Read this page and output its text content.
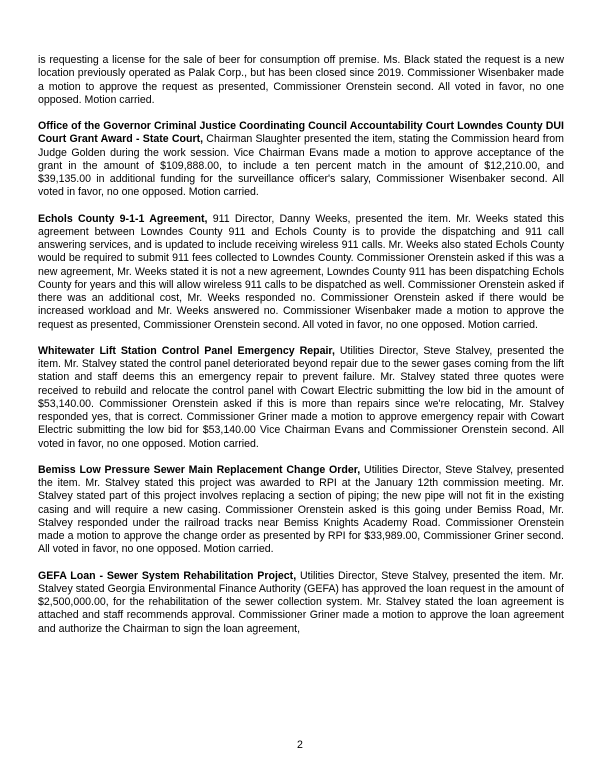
is requesting a license for the sale of beer for consumption off premise. Ms. Black stated the request is a new location previously operated as Palak Corp., but has been closed since 2019. Commissioner Wisenbaker made a motion to approve the request as presented, Commissioner Orenstein second. All voted in favor, no one opposed. Motion carried.

Office of the Governor Criminal Justice Coordinating Council Accountability Court Lowndes County DUI Court Grant Award - State Court, Chairman Slaughter presented the item, stating the Commission heard from Judge Golden during the work session. Vice Chairman Evans made a motion to approve acceptance of the grant in the amount of $109,888.00, to include a ten percent match in the amount of $12,210.00, and $39,135.00 in additional funding for the surveillance officer's salary, Commissioner Wisenbaker second. All voted in favor, no one opposed. Motion carried.

Echols County 9-1-1 Agreement, 911 Director, Danny Weeks, presented the item. Mr. Weeks stated this agreement between Lowndes County 911 and Echols County is to provide the dispatching and 911 call answering services, and is updated to include receiving wireless 911 calls. Mr. Weeks also stated Echols County would be required to submit 911 fees collected to Lowndes County. Commissioner Orenstein asked if this was a new agreement, Mr. Weeks stated it is not a new agreement, Lowndes County 911 has been dispatching Echols County for years and this will allow wireless 911 calls to be dispatched as well. Commissioner Orenstein asked if there was an additional cost, Mr. Weeks responded no. Commissioner Orenstein asked if there would be increased workload and Mr. Weeks answered no. Commissioner Wisenbaker made a motion to approve the request as presented, Commissioner Orenstein second. All voted in favor, no one opposed. Motion carried.

Whitewater Lift Station Control Panel Emergency Repair, Utilities Director, Steve Stalvey, presented the item. Mr. Stalvey stated the control panel deteriorated beyond repair due to the sewer gases coming from the lift station and staff deems this an emergency repair to prevent failure. Mr. Stalvey stated three quotes were received to rebuild and relocate the control panel with Cowart Electric submitting the low bid in the amount of $53,140.00. Commissioner Orenstein asked if this is more than repairs since we're relocating, Mr. Stalvey responded yes, that is correct. Commissioner Griner made a motion to approve emergency repair with Cowart Electric submitting the low bid for $53,140.00 Vice Chairman Evans and Commissioner Orenstein second. All voted in favor, no one opposed. Motion carried.

Bemiss Low Pressure Sewer Main Replacement Change Order, Utilities Director, Steve Stalvey, presented the item. Mr. Stalvey stated this project was awarded to RPI at the January 12th commission meeting. Mr. Stalvey stated part of this project involves replacing a section of piping; the new pipe will not fit in the existing casing and will require a new casing. Commissioner Orenstein asked is this going under Bemiss Road, Mr. Stalvey responded under the railroad tracks near Bemiss Knights Academy Road. Commissioner Orenstein made a motion to approve the change order as presented by RPI for $33,989.00, Commissioner Griner second. All voted in favor, no one opposed. Motion carried.

GEFA Loan - Sewer System Rehabilitation Project, Utilities Director, Steve Stalvey, presented the item. Mr. Stalvey stated Georgia Environmental Finance Authority (GEFA) has approved the loan request in the amount of $2,500,000.00, for the rehabilitation of the sewer collection system. Mr. Stalvey stated the loan agreement is attached and staff recommends approval. Commissioner Griner made a motion to approve the loan agreement and authorize the Chairman to sign the loan agreement,

2
